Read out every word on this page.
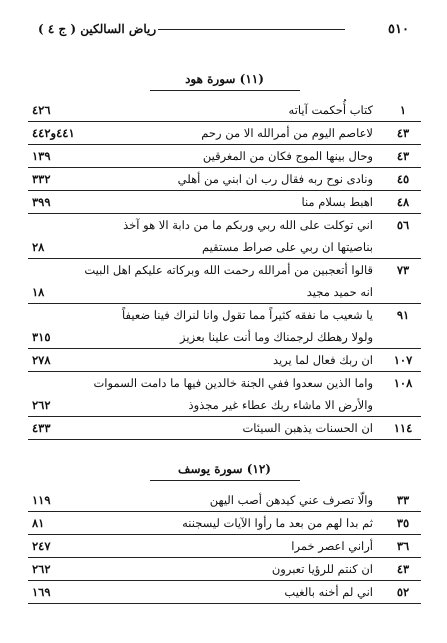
٥١٠
رياض السالكين ( ج ٤ )
(١١) سورة هود
١
كتاب أُحكمت آياته
٤٢٦
٤٣
لاعاصم اليوم من أمرالله الا من رحم
٤٤١و٤٤٢
٤٣
وحال بينها الموج فكان من المغرقين
١٣٩
٤٥
ونادى نوح ربه فقال رب ان ابني من أهلي
٣٣٢
٤٨
اهبط بسلام منا
٣٩٩
٥٦
اني توكلت على الله ربي وربكم ما من دابة الا هو آخذ
بناصيتها ان ربي على صراط مستقيم
٢٨
٧٣
قالوا أتعجبين من أمرالله رحمت الله وبركاته عليكم اهل البيت
انه حميد مجيد
١٨
٩١
يا شعيب ما نفقه كثيراً مما تقول وانا لنراك فينا ضعيفاً
ولولا رهطك لرجمناك وما أنت علينا بعزيز
٣١٥
١٠٧
ان ربك فعال لما يريد
٢٧٨
١٠٨
واما الذين سعدوا ففي الجنة خالدين فيها ما دامت السموات
والأرض الا ماشاء ربك عطاء غير مجذوذ
٢٦٢
١١٤
ان الحسنات يذهبن السيئات
٤٣٣
(١٢) سورة يوسف
٣٣
والّا تصرف عني كيدهن أصب اليهن
١١٩
٣٥
ثم بدا لهم من بعد ما رأوا الآيات ليسجننه
٨١
٣٦
أراني اعصر خمرا
٢٤٧
٤٣
ان كنتم للرؤيا تعبرون
٢٦٢
٥٢
اني لم أخنه بالغيب
١٦٩
